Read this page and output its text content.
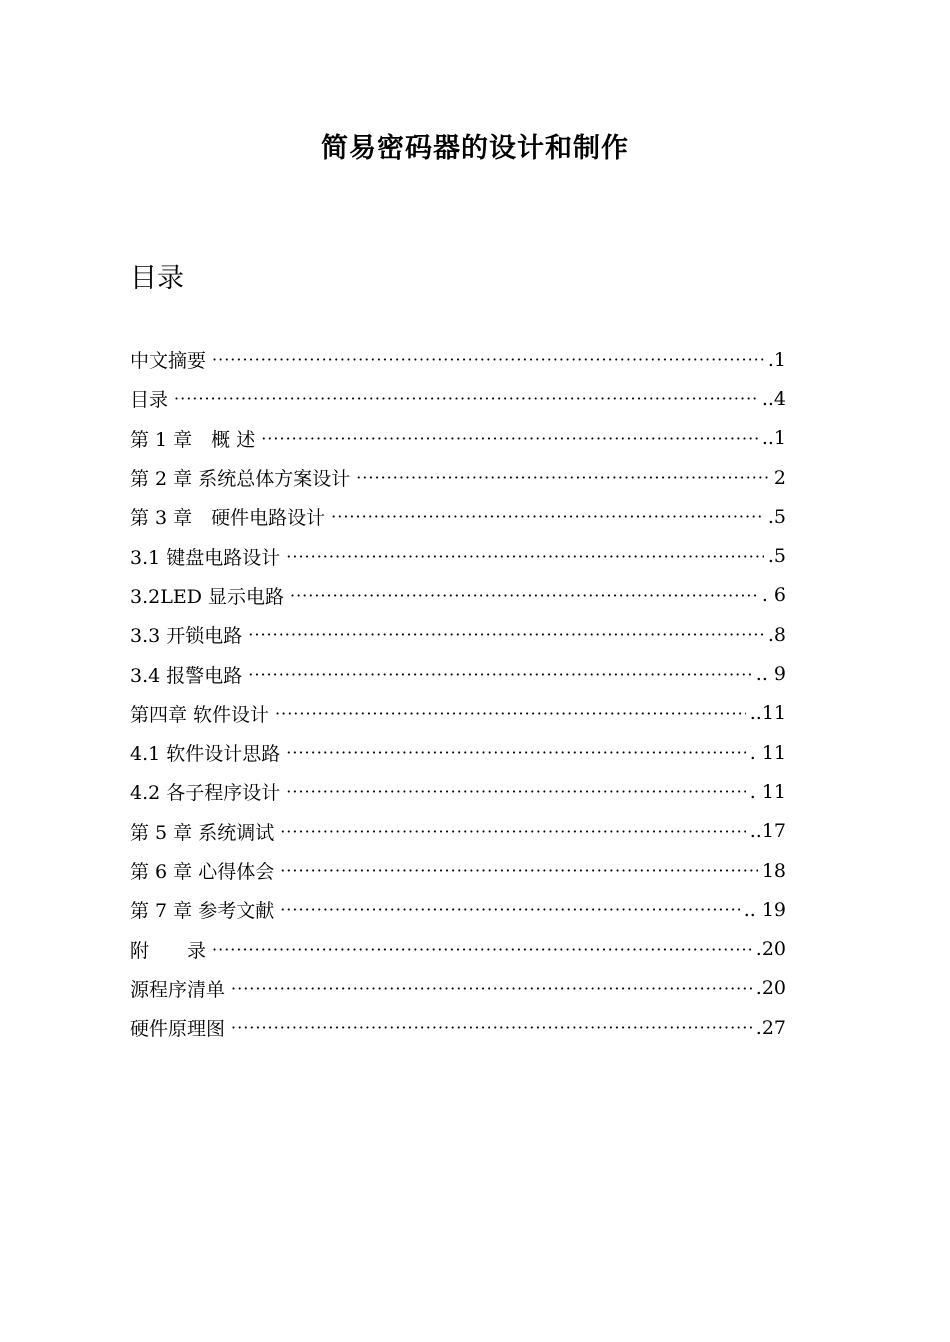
简易密码器的设计和制作
目录
中文摘要 ·····	.1
目录 ·····	..4
第 1 章　概 述 ·····	..1
第 2 章 系统总体方案设计 ·····	2
第 3 章　硬件电路设计 ·····	.5
3.1 键盘电路设计 ·····	.5
3.2LED 显示电路 ·····	. 6
3.3 开锁电路 ·····	.8
3.4 报警电路 ·····	.. 9
第四章 软件设计 ·····	..11
4.1 软件设计思路 ·····	. 11
4.2 各子程序设计 ·····	. 11
第 5 章 系统调试 ·····	..17
第 6 章 心得体会 ·····	18
第 7 章 参考文献 ·····	.. 19
附　　录 ·····	.20
源程序清单 ·····	.20
硬件原理图 ·····	.27
